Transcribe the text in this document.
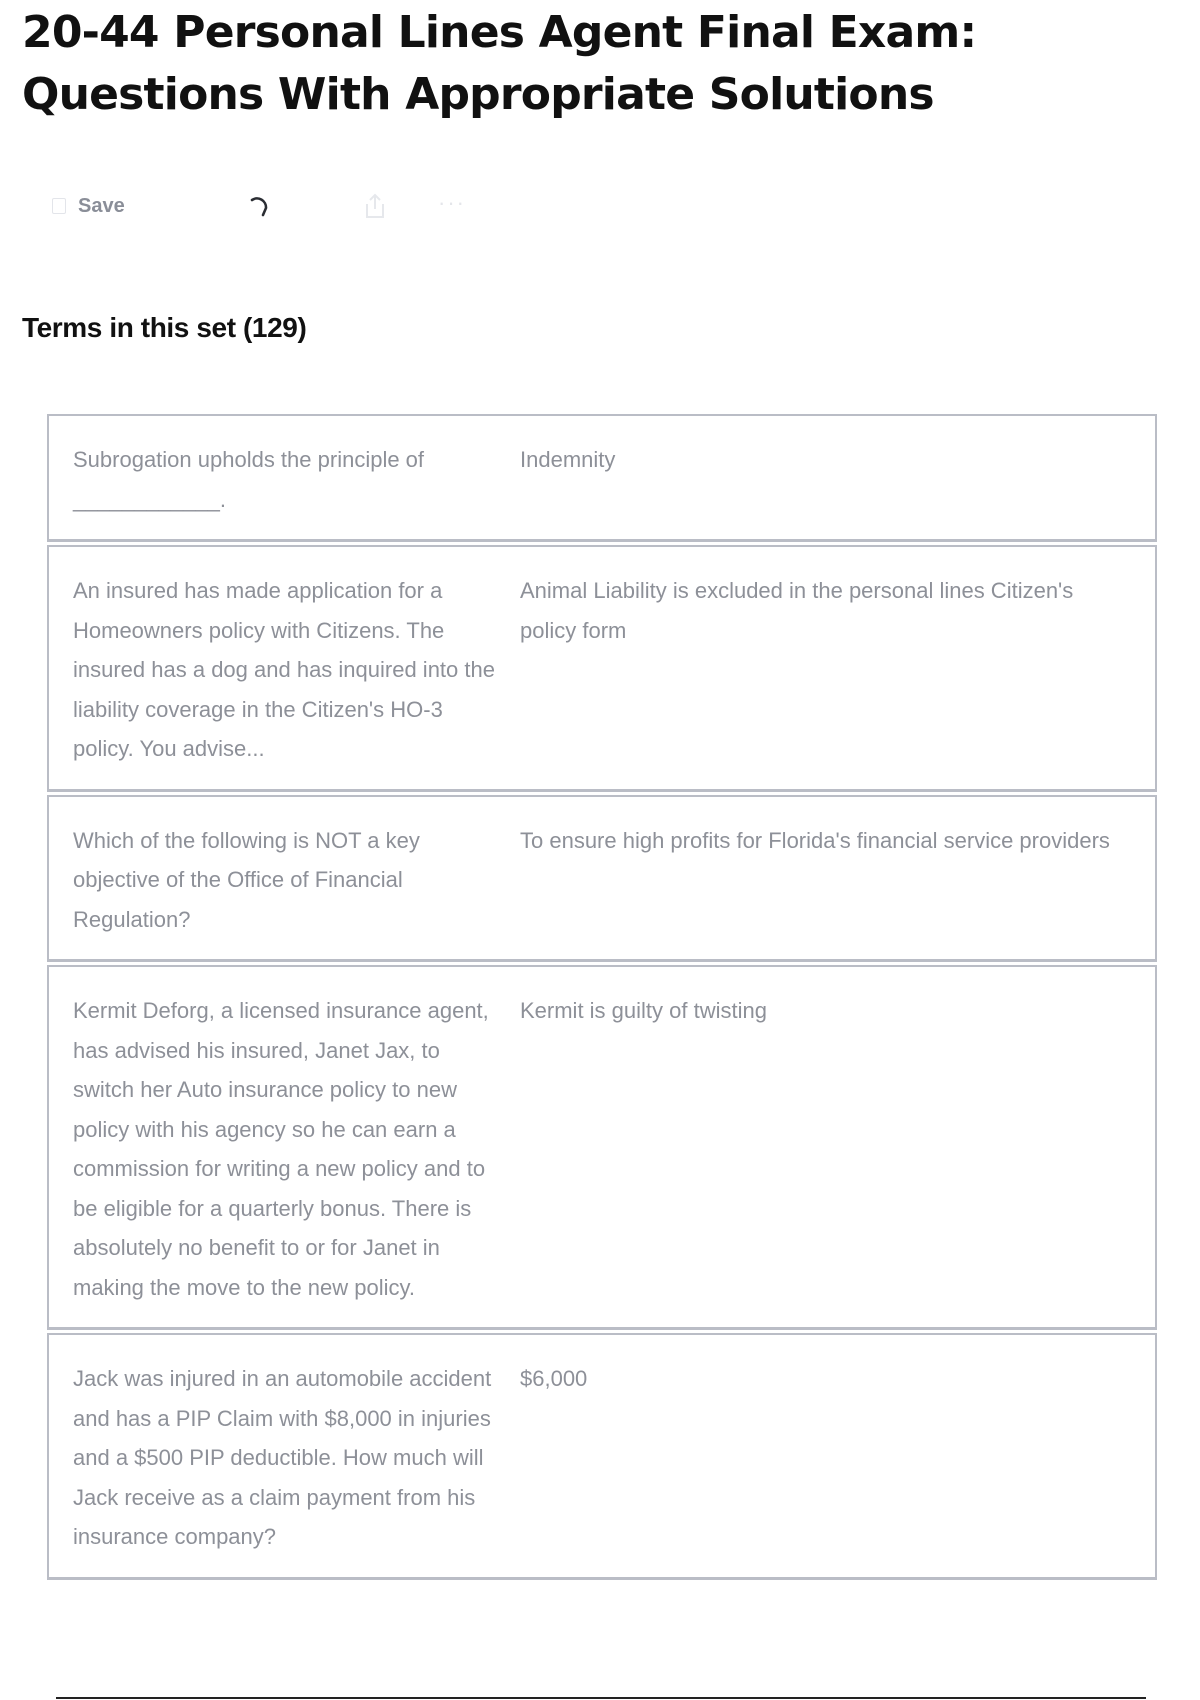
20-44 Personal Lines Agent Final Exam: Questions With Appropriate Solutions
Save	···
Terms in this set (129)
Subrogation upholds the principle of ____________.
Indemnity
An insured has made application for a Homeowners policy with Citizens. The insured has a dog and has inquired into the liability coverage in the Citizen's HO-3 policy. You advise...
Animal Liability is excluded in the personal lines Citizen's policy form
Which of the following is NOT a key objective of the Office of Financial Regulation?
To ensure high profits for Florida's financial service providers
Kermit Deforg, a licensed insurance agent, has advised his insured, Janet Jax, to switch her Auto insurance policy to new policy with his agency so he can earn a commission for writing a new policy and to be eligible for a quarterly bonus. There is absolutely no benefit to or for Janet in making the move to the new policy.
Kermit is guilty of twisting
Jack was injured in an automobile accident and has a PIP Claim with $8,000 in injuries and a $500 PIP deductible. How much will Jack receive as a claim payment from his insurance company?
$6,000
